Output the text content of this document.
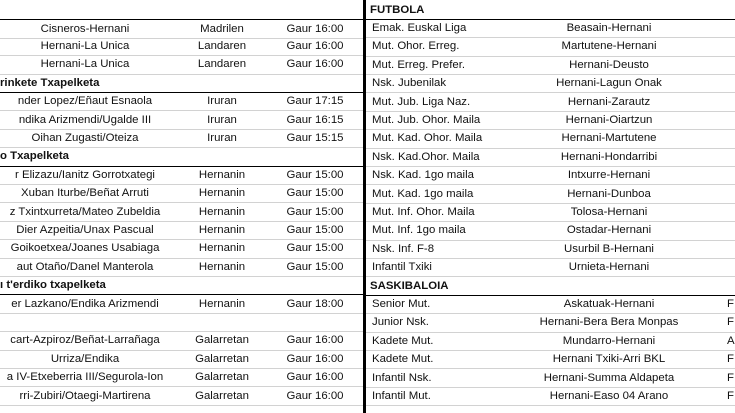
Cisneros-Hernani	Madrilen	Gaur 16:00
Hernani-La Unica	Landaren	Gaur 16:00
Hernani-La Unica	Landaren	Gaur 16:00
rinkete Txapelketa
nder Lopez/Eñaut Esnaola	Iruran	Gaur 17:15
ndika Arizmendi/Ugalde III	Iruran	Gaur 16:15
Oihan Zugasti/Oteiza	Iruran	Gaur 15:15
o Txapelketa
r Elizazu/Ianitz Gorrotxategi	Hernanin	Gaur 15:00
Xuban Iturbe/Beñat Arruti	Hernanin	Gaur 15:00
z Txintxurreta/Mateo Zubeldia	Hernanin	Gaur 15:00
Dier Azpeitia/Unax Pascual	Hernanin	Gaur 15:00
Goikoetxea/Joanes Usabiaga	Hernanin	Gaur 15:00
aut Otaño/Danel Manterola	Hernanin	Gaur 15:00
ı t'erdiko txapelketa
er Lazkano/Endika Arizmendi	Hernanin	Gaur 18:00
cart-Azpiroz/Beñat-Larrañaga	Galarretan	Gaur 16:00
Urriza/Endika	Galarretan	Gaur 16:00
a IV-Etxeberria III/Segurola-Ion	Galarretan	Gaur 16:00
rri-Zubiri/Otaegi-Martirena	Galarretan	Gaur 16:00
FUTBOLA
Emak. Euskal Liga	Beasain-Hernani
Mut. Ohor. Erreg.	Martutene-Hernani
Mut. Erreg. Prefer.	Hernani-Deusto
Nsk. Jubenilak	Hernani-Lagun Onak
Mut. Jub. Liga Naz.	Hernani-Zarautz
Mut. Jub. Ohor. Maila	Hernani-Oiartzun
Mut. Kad. Ohor. Maila	Hernani-Martutene
Nsk. Kad.Ohor. Maila	Hernani-Hondarribi
Nsk. Kad. 1go maila	Intxurre-Hernani
Mut. Kad. 1go maila	Hernani-Dunboa
Mut. Inf. Ohor. Maila	Tolosa-Hernani
Mut. Inf. 1go maila	Ostadar-Hernani
Nsk. Inf. F-8	Usurbil B-Hernani
Infantil Txiki	Urnieta-Hernani
SASKIBALOIA
Senior Mut.	Askatuak-Hernani	F
Junior Nsk.	Hernani-Bera Bera Monpas	F
Kadete Mut.	Mundarro-Hernani	A
Kadete Mut.	Hernani Txiki-Arri BKL	F
Infantil Nsk.	Hernani-Summa Aldapeta	F
Infantil Mut.	Hernani-Easo 04 Arano	F
